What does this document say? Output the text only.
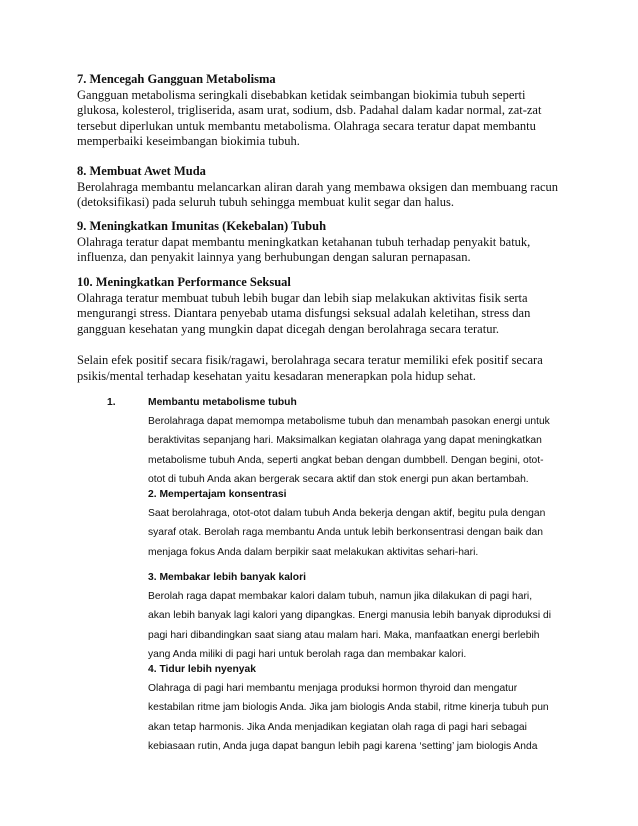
7. Mencegah Gangguan Metabolisma

Gangguan metabolisma seringkali disebabkan ketidak seimbangan biokimia tubuh seperti
glukosa, kolesterol, trigliserida, asam urat, sodium, dsb. Padahal dalam kadar normal, zat-zat
tersebut diperlukan untuk membantu metabolisma. Olahraga secara teratur dapat membantu
memperbaiki keseimbangan biokimia tubuh.

8. Membuat Awet Muda

Berolahraga membantu melancarkan aliran darah yang membawa oksigen dan membuang racun
(detoksifikasi) pada seluruh tubuh sehingga membuat kulit segar dan halus.

9. Meningkatkan Imunitas (Kekebalan) Tubuh

Olahraga teratur dapat membantu meningkatkan ketahanan tubuh terhadap penyakit batuk,
influenza, dan penyakit lainnya yang berhubungan dengan saluran pernapasan.

10. Meningkatkan Performance Seksual

Olahraga teratur membuat tubuh lebih bugar dan lebih siap melakukan aktivitas fisik serta
mengurangi stress. Diantara penyebab utama disfungsi seksual adalah keletihan, stress dan
gangguan kesehatan yang mungkin dapat dicegah dengan berolahraga secara teratur.

Selain efek positif secara fisik/ragawi, berolahraga secara teratur memiliki efek positif secara
psikis/mental terhadap kesehatan yaitu kesadaran menerapkan pola hidup sehat.

1.	Membantu metabolisme tubuh

Berolahraga dapat memompa metabolisme tubuh dan menambah pasokan energi untuk
beraktivitas sepanjang hari. Maksimalkan kegiatan olahraga yang dapat meningkatkan
metabolisme tubuh Anda, seperti angkat beban dengan dumbbell. Dengan begini, otot-
otot di tubuh Anda akan bergerak secara aktif dan stok energi pun akan bertambah.

2. Mempertajam konsentrasi

Saat berolahraga, otot-otot dalam tubuh Anda bekerja dengan aktif, begitu pula dengan
syaraf otak. Berolah raga membantu Anda untuk lebih berkonsentrasi dengan baik dan
menjaga fokus Anda dalam berpikir saat melakukan aktivitas sehari-hari.

3. Membakar lebih banyak kalori

Berolah raga dapat membakar kalori dalam tubuh, namun jika dilakukan di pagi hari,
akan lebih banyak lagi kalori yang dipangkas. Energi manusia lebih banyak diproduksi di
pagi hari dibandingkan saat siang atau malam hari. Maka, manfaatkan energi berlebih
yang Anda miliki di pagi hari untuk berolah raga dan membakar kalori.

4. Tidur lebih nyenyak

Olahraga di pagi hari membantu menjaga produksi hormon thyroid dan mengatur
kestabilan ritme jam biologis Anda. Jika jam biologis Anda stabil, ritme kinerja tubuh pun
akan tetap harmonis. Jika Anda menjadikan kegiatan olah raga di pagi hari sebagai
kebiasaan rutin, Anda juga dapat bangun lebih pagi karena ‘setting’ jam biologis Anda
